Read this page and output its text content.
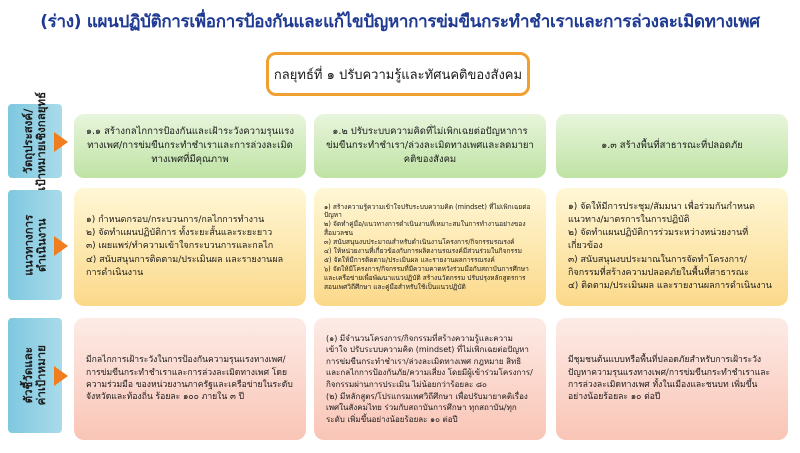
(ร่าง) แผนปฏิบัติการเพื่อการป้องกันและแก้ไขปัญหาการข่มขืนกระทำชำเราและการล่วงละเมิดทางเพศ
กลยุทธ์ที่ ๑ ปรับความรู้และทัศนคติของสังคม
วัตถุประสงค์/
เป้าหมายเชิงกลยุทธ์
แนวทางการ
ดำเนินงาน
ตัวชี้วัดและ
ค่าเป้าหมาย

๑.๑ สร้างกลไกการป้องกันและเฝ้าระวังความรุนแรงทางเพศ/การข่มขืนกระทำชำเราและการล่วงละเมิดทางเพศที่มีคุณภาพ

๑.๒ ปรับระบบความคิดที่ไม่เพิกเฉยต่อปัญหาการข่มขืนกระทำชำเรา/ล่วงละเมิดทางเพศและลดมายาคติของสังคม

๑.๓ สร้างพื้นที่สาธารณะที่ปลอดภัย

๑) กำหนดกรอบ/กระบวนการ/กลไกการทำงาน

๒) จัดทำแผนปฏิบัติการ ทั้งระยะสั้นและระยะยาว

๓) เผยแพร่/ทำความเข้าใจกระบวนการและกลไก

๔) สนับสนุนการติดตาม/ประเมินผล และรายงานผลการดำเนินงาน

๑) สร้างความรู้ความเข้าใจปรับระบบความคิด (mindset) ที่ไม่เพิกเฉยต่อปัญหา

๒) จัดทำคู่มือ/แนวทางการดำเนินงานที่เหมาะสมในการทำงานอย่างของสื่อมวลชน

๓) สนับสนุนงบประมาณสำหรับดำเนินงานโครงการ/กิจกรรมรณรงค์

๔) ให้หน่วยงานที่เกี่ยวข้องกับการผลิตงานรณรงค์มีส่วนร่วมในกิจกรรม

๕) จัดให้มีการติดตาม/ประเมินผล และรายงานผลการรณรงค์

๖) จัดให้มีโครงการ/กิจกรรมที่มีความคาดหวังร่วมมือกับสถาบันการศึกษาและเครือข่ายเพื่อพัฒนาแนวปฏิบัติ สร้างนวัตกรรม ปรับปรุงหลักสูตรการสอนเพศวิถีศึกษา และคู่มือสำหรับใช้เป็นแนวปฏิบัติ

๑) จัดให้มีการประชุม/สัมมนา เพื่อร่วมกันกำหนดแนวทาง/มาตรการในการปฏิบัติ

๒) จัดทำแผนปฏิบัติการร่วมระหว่างหน่วยงานที่เกี่ยวข้อง

๓) สนับสนุนงบประมาณในการจัดทำโครงการ/กิจกรรมที่สร้างความปลอดภัยในพื้นที่สาธารณะ

๔) ติดตาม/ประเมินผล และรายงานผลการดำเนินงาน

มีกลไกการเฝ้าระวังในการป้องกันความรุนแรงทางเพศ/การข่มขืนกระทำชำเราและการล่วงละเมิดทางเพศ โดยความร่วมมือ ของหน่วยงานภาครัฐและเครือข่ายในระดับจังหวัดและท้องถิ่น ร้อยละ ๑๐๐ ภายใน ๓ ปี

(๑) มีจำนวนโครงการ/กิจกรรมที่สร้างความรู้และความเข้าใจ ปรับระบบความคิด (mindset) ที่ไม่เพิกเฉยต่อปัญหาการข่มขืนกระทำชำเรา/ล่วงละเมิดทางเพศ กฎหมาย สิทธิ และกลไกการป้องกันภัย/ความเสี่ยง โดยมีผู้เข้าร่วมโครงการ/กิจกรรมผ่านการประเมิน ไม่น้อยกว่าร้อยละ ๘๐

(๒) มีหลักสูตร/โปรแกรมเพศวิถีศึกษา เพื่อปรับมายาคติเรื่องเพศในสังคมไทย ร่วมกับสถาบันการศึกษา ทุกสถาบัน/ทุกระดับ เพิ่มขึ้นอย่างน้อยร้อยละ ๑๐ ต่อปี

มีชุมชนต้นแบบหรือพื้นที่ปลอดภัยสำหรับการเฝ้าระวังปัญหาความรุนแรงทางเพศ/การข่มขืนกระทำชำเราและการล่วงละเมิดทางเพศ ทั้งในเมืองและชนบท เพิ่มขึ้นอย่างน้อยร้อยละ ๑๐ ต่อปี
